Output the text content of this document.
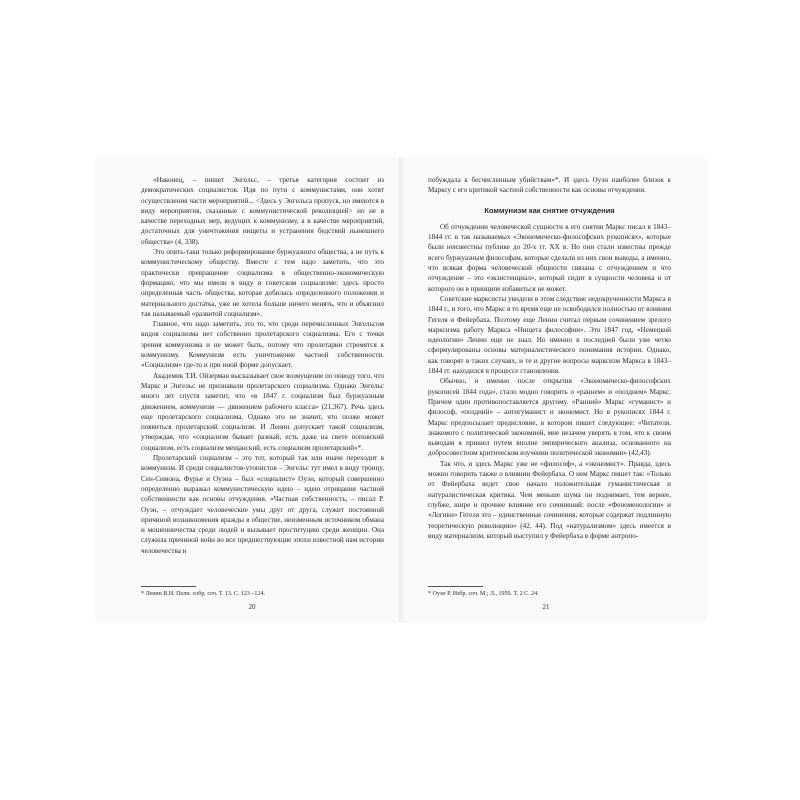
«Наконец, – пишет Энгельс, – третья категория состоит из демократических социалистов. Идя по пути с коммунистами, они хотят осуществления части мероприятий... <Здесь у Энгельса пропуск, но имеются в виду мероприятия, сказанные с коммунистической революцией> но не в качестве переходных мер, ведущих к коммунизму, а в качестве мероприятий, достаточных для уничтожения нищеты и устранения бедствий нынешнего общества» (4, 338).

Это опять-таки только реформирование буржуазного общества, а не путь к коммунистическому обществу. Вместе с тем надо заметить, что это практически превращение социализма в общественно-экономическую формацию, что мы имели в виду в советском социализме: здесь просто определенная часть общества, которая добилась определенного положения и материального достатка, уже не хотела больше ничего менять, что и объяснил так называемый «развитой социализм».

Главное, что надо заметить, это то, что среди перечисленных Энгельсом видов социализма нет собственно пролетарского социализма. Его с точки зрения коммунизма и не может быть, потому что пролетарии стремятся к коммунизму. Коммунизм есть уничтожение частной собственности. «Социализм» где-то и при иной форме допускает.

Академик Т.И. Ойзерман высказывает свое возмущение по поводу того, что Маркс и Энгельс не признавали пролетарского социализма. Однако Энгельс много лет спустя заметит, что «в 1847 г. социализм был буржуазным движением, коммунизм — движением рабочего класса» (21,367). Речь здесь еще пролетарского социализма. Однако это не значит, что позже может появиться пролетарский социализм. И Ленин допускает такой социализм, утверждая, что «социализм бывает разный, есть даже на свете поповский социализм, есть социализм мещанский, есть социализм пролетарский»*.

Пролетарский социализм – это тот, который так или иначе переходит в коммунизм. И среди социалистов-утопистов – Энгельс тут имел в виду троицу, Сен-Симона, Фурье и Оуэна – был «социалист» Оуэн, который совершенно определенно выражал коммунистическую идею – идею отрицания частной собственности как основы отчуждения. «Частная собственность, – писал Р. Оуэн, – отчуждает человеческие умы друг от друга, служит постоянной причиной возникновения вражды в обществе, неизменным источником обмана и мошенничества среди людей и вызывает проституцию среди женщин. Она служила причиной войн во все предшествующие эпохи известной нам истории человечества и

* Ленин В.И. Полн. собр. соч. Т. 13. С. 123 –124.
20

побуждала к бесчисленным убийствам»*. И здесь Оуэн наиболее близок к Марксу с его критикой частной собственности как основы отчуждения.

Коммунизм как снятие отчуждения

Об отчуждении человеческой сущности в его снятии Маркс писал в 1843–1844 гг. в так называемых «Экономическо-философских рукописях», которые были неизвестны публике до 20-х гг. XX в. Но они стали известны прежде всего буржуазным философам, которые сделали из них свои выводы, а именно, что всякая форма человеческой общности связана с отчуждением и что отчуждение – это «экзистенциал», который сидит в сущности человека и от которого он в принципе избавиться не может.

Советские марксисты увидели в этом следствие недокрученности Маркса в 1844 г., и того, что Маркс в то время еще не освободился полностью от влияния Гегеля и Фейербаха. Поэтому еще Ленин считал первым сочинением зрелого марксизма работу Маркса «Нищета философии». Это 1847 год, «Немецкой идеологии» Ленин еще не знал. Но именно в последней были уже четко сформулированы основы материалистического понимания истории. Однако, как говорят в таких случаях, и те и другие вопросы марксизм Маркса в 1843–1844 гг. находился в процессе становления.

Обычно, и именно после открытия «Экономическо-философских рукописей 1844 года», стало модно говорить о «раннем» и «позднем» Маркс. Причем один противопоставляется другому. «Ранний» Маркс «гуманист» и философ, «поздний» – антигуманист и экономист. Но в рукописях 1844 г. Маркс предпосылает предисловие, в котором пишет следующее: «Читателя, знакомого с политической экономией, мне незачем уверять в том, что к своим выводам я пришел путем вполне эмпирического анализа, основанного на добросовестном критическом изучении политической экономии» (42,43).

Так что, и здесь Маркс уже не «философ», а «экономист». Правда, здесь можно говорить также о влиянии Фейербаха. О нем Маркс пишет так: «Только от Фейербаха ведет свое начало положительная гуманистическая и натуралистическая критика. Чем меньше шума он поднимает, тем вернее, глубже, шире и прочнее влияние его сочинений: после «Феноменологии» и «Логики» Гегеля это – единственные сочинения, которые содержат подлинную теоретическую революцию» (42, 44). Под «натурализмом» здесь имеется в виду материализм, который выступил у Фейербаха в форме антропо-

* Оуэн Р. Избр. соч. М.; Л., 1950. Т. 2 С. 24.
21
